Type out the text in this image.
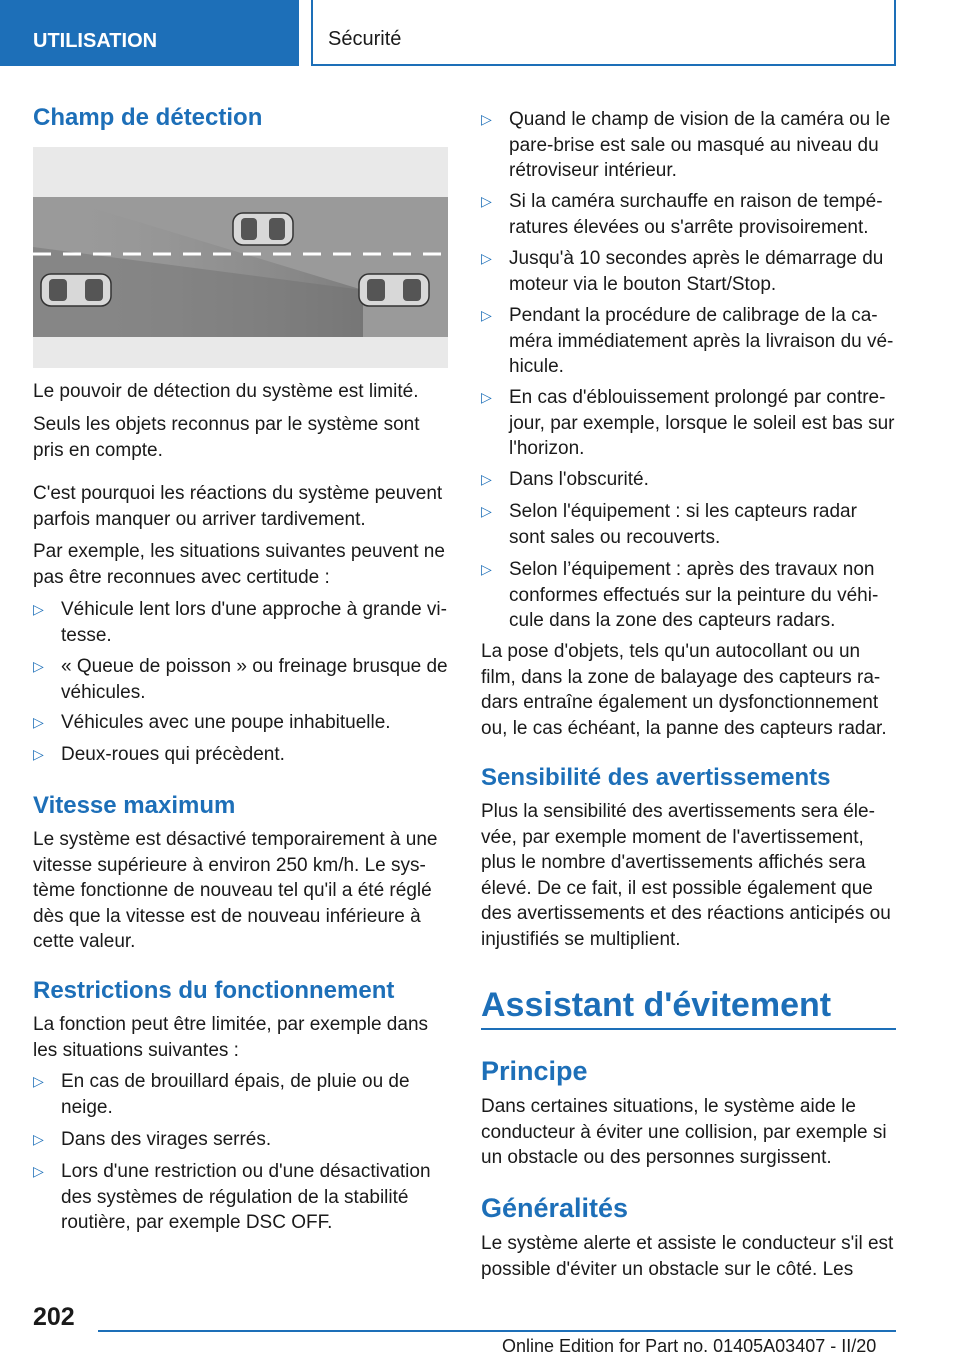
UTILISATION	Sécurité
Champ de détection
Le pouvoir de détection du système est limité.
Seuls les objets reconnus par le système sont pris en compte.
C'est pourquoi les réactions du système peuvent parfois manquer ou arriver tardivement.
Par exemple, les situations suivantes peuvent ne pas être reconnues avec certitude :
▷ Véhicule lent lors d'une approche à grande vi-tesse.
▷ « Queue de poisson » ou freinage brusque de véhicules.
▷ Véhicules avec une poupe inhabituelle.
▷ Deux-roues qui précèdent.
Vitesse maximum
Le système est désactivé temporairement à une vitesse supérieure à environ 250 km/h. Le sys-tème fonctionne de nouveau tel qu'il a été réglé dès que la vitesse est de nouveau inférieure à cette valeur.
Restrictions du fonctionnement
La fonction peut être limitée, par exemple dans les situations suivantes :
▷ En cas de brouillard épais, de pluie ou de neige.
▷ Dans des virages serrés.
▷ Lors d'une restriction ou d'une désactivation des systèmes de régulation de la stabilité routière, par exemple DSC OFF.
▷ Quand le champ de vision de la caméra ou le pare-brise est sale ou masqué au niveau du rétroviseur intérieur.
▷ Si la caméra surchauffe en raison de tempé-ratures élevées ou s'arrête provisoirement.
▷ Jusqu'à 10 secondes après le démarrage du moteur via le bouton Start/Stop.
▷ Pendant la procédure de calibrage de la ca-méra immédiatement après la livraison du vé-hicule.
▷ En cas d'éblouissement prolongé par contre-jour, par exemple, lorsque le soleil est bas sur l'horizon.
▷ Dans l'obscurité.
▷ Selon l'équipement : si les capteurs radar sont sales ou recouverts.
▷ Selon l’équipement : après des travaux non conformes effectués sur la peinture du véhi-cule dans la zone des capteurs radars.
La pose d'objets, tels qu'un autocollant ou un film, dans la zone de balayage des capteurs ra-dars entraîne également un dysfonctionnement ou, le cas échéant, la panne des capteurs radar.
Sensibilité des avertissements
Plus la sensibilité des avertissements sera éle-vée, par exemple moment de l'avertissement, plus le nombre d'avertissements affichés sera élevé. De ce fait, il est possible également que des avertissements et des réactions anticipés ou injustifiés se multiplient.
Assistant d'évitement
Principe
Dans certaines situations, le système aide le conducteur à éviter une collision, par exemple si un obstacle ou des personnes surgissent.
Généralités
Le système alerte et assiste le conducteur s'il est possible d'éviter un obstacle sur le côté. Les
202
Online Edition for Part no. 01405A03407 - II/20
